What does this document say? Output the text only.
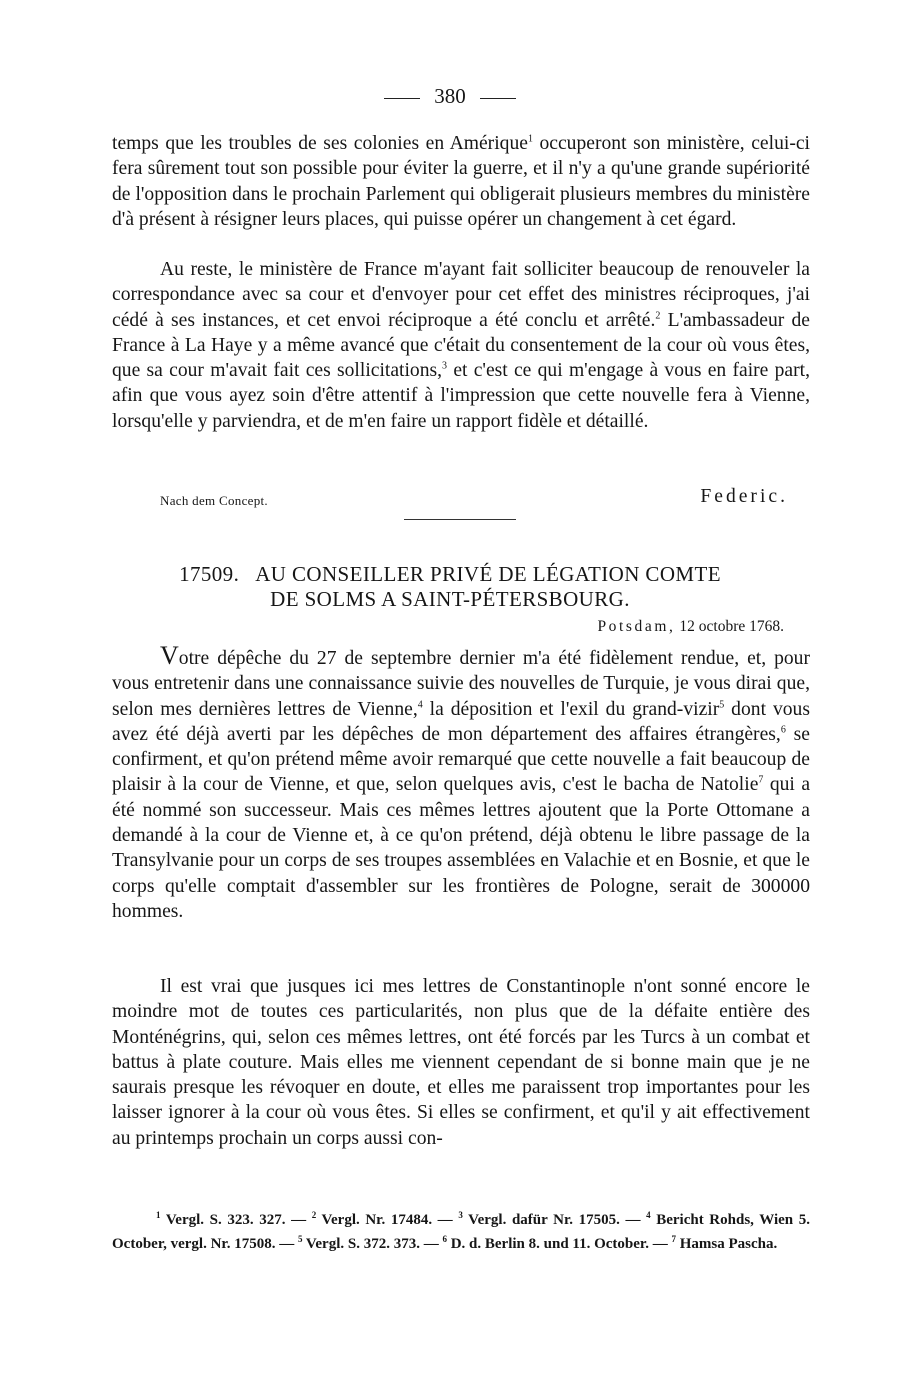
380
temps que les troubles de ses colonies en Amérique$^1$ occuperont son ministère, celui-ci fera sûrement tout son possible pour éviter la guerre, et il n'y a qu'une grande supériorité de l'opposition dans le prochain Parlement qui obligerait plusieurs membres du ministère d'à présent à résigner leurs places, qui puisse opérer un changement à cet égard.
Au reste, le ministère de France m'ayant fait solliciter beaucoup de renouveler la correspondance avec sa cour et d'envoyer pour cet effet des ministres réciproques, j'ai cédé à ses instances, et cet envoi réciproque a été conclu et arrêté.$^2$ L'ambassadeur de France à La Haye y a même avancé que c'était du consentement de la cour où vous êtes, que sa cour m'avait fait ces sollicitations,$^3$ et c'est ce qui m'engage à vous en faire part, afin que vous ayez soin d'être attentif à l'impression que cette nouvelle fera à Vienne, lorsqu'elle y parviendra, et de m'en faire un rapport fidèle et détaillé.
Nach dem Concept.	Federic.
17509. AU CONSEILLER PRIVÉ DE LÉGATION COMTE
DE SOLMS A SAINT-PÉTERSBOURG.
Potsdam, 12 octobre 1768.
Votre dépêche du 27 de septembre dernier m'a été fidèlement rendue, et, pour vous entretenir dans une connaissance suivie des nouvelles de Turquie, je vous dirai que, selon mes dernières lettres de Vienne,$^4$ la déposition et l'exil du grand-vizir$^5$ dont vous avez été déjà averti par les dépêches de mon département des affaires étrangères,$^6$ se confirment, et qu'on prétend même avoir remarqué que cette nouvelle a fait beaucoup de plaisir à la cour de Vienne, et que, selon quelques avis, c'est le bacha de Natolie$^7$ qui a été nommé son successeur. Mais ces mêmes lettres ajoutent que la Porte Ottomane a demandé à la cour de Vienne et, à ce qu'on prétend, déjà obtenu le libre passage de la Transylvanie pour un corps de ses troupes assemblées en Valachie et en Bosnie, et que le corps qu'elle comptait d'assembler sur les frontières de Pologne, serait de 300000 hommes.
Il est vrai que jusques ici mes lettres de Constantinople n'ont sonné encore le moindre mot de toutes ces particularités, non plus que de la défaite entière des Monténégrins, qui, selon ces mêmes lettres, ont été forcés par les Turcs à un combat et battus à plate couture. Mais elles me viennent cependant de si bonne main que je ne saurais presque les révoquer en doute, et elles me paraissent trop importantes pour les laisser ignorer à la cour où vous êtes. Si elles se confirment, et qu'il y ait effectivement au printemps prochain un corps aussi con-
$^1$ Vergl. S. 323. 327. — $^2$ Vergl. Nr. 17484. — $^3$ Vergl. dafür Nr. 17505. — $^4$ Bericht Rohds, Wien 5. October, vergl. Nr. 17508. — $^5$ Vergl. S. 372. 373. — $^6$ D. d. Berlin 8. und 11. October. — $^7$ Hamsa Pascha.
